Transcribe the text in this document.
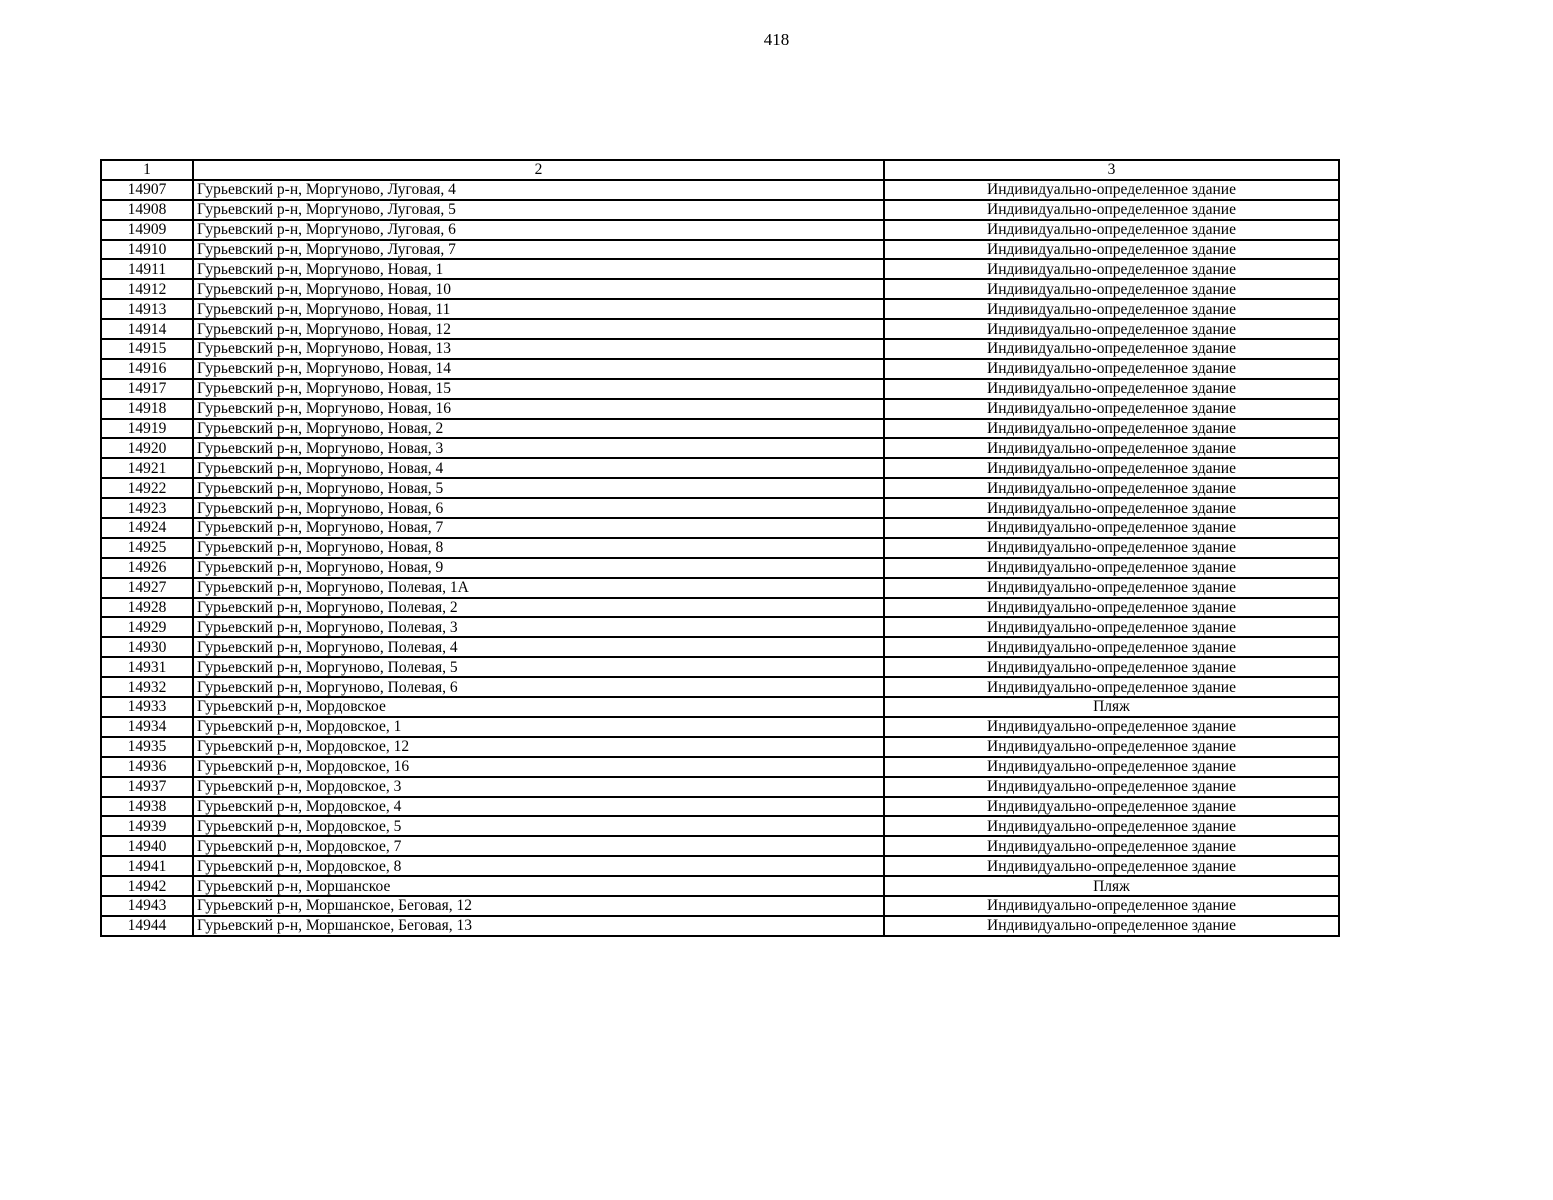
418
1	2	3
14907	Гурьевский р-н, Моргуново, Луговая, 4	Индивидуально-определенное здание
14908	Гурьевский р-н, Моргуново, Луговая, 5	Индивидуально-определенное здание
14909	Гурьевский р-н, Моргуново, Луговая, 6	Индивидуально-определенное здание
14910	Гурьевский р-н, Моргуново, Луговая, 7	Индивидуально-определенное здание
14911	Гурьевский р-н, Моргуново, Новая, 1	Индивидуально-определенное здание
14912	Гурьевский р-н, Моргуново, Новая, 10	Индивидуально-определенное здание
14913	Гурьевский р-н, Моргуново, Новая, 11	Индивидуально-определенное здание
14914	Гурьевский р-н, Моргуново, Новая, 12	Индивидуально-определенное здание
14915	Гурьевский р-н, Моргуново, Новая, 13	Индивидуально-определенное здание
14916	Гурьевский р-н, Моргуново, Новая, 14	Индивидуально-определенное здание
14917	Гурьевский р-н, Моргуново, Новая, 15	Индивидуально-определенное здание
14918	Гурьевский р-н, Моргуново, Новая, 16	Индивидуально-определенное здание
14919	Гурьевский р-н, Моргуново, Новая, 2	Индивидуально-определенное здание
14920	Гурьевский р-н, Моргуново, Новая, 3	Индивидуально-определенное здание
14921	Гурьевский р-н, Моргуново, Новая, 4	Индивидуально-определенное здание
14922	Гурьевский р-н, Моргуново, Новая, 5	Индивидуально-определенное здание
14923	Гурьевский р-н, Моргуново, Новая, 6	Индивидуально-определенное здание
14924	Гурьевский р-н, Моргуново, Новая, 7	Индивидуально-определенное здание
14925	Гурьевский р-н, Моргуново, Новая, 8	Индивидуально-определенное здание
14926	Гурьевский р-н, Моргуново, Новая, 9	Индивидуально-определенное здание
14927	Гурьевский р-н, Моргуново, Полевая, 1А	Индивидуально-определенное здание
14928	Гурьевский р-н, Моргуново, Полевая, 2	Индивидуально-определенное здание
14929	Гурьевский р-н, Моргуново, Полевая, 3	Индивидуально-определенное здание
14930	Гурьевский р-н, Моргуново, Полевая, 4	Индивидуально-определенное здание
14931	Гурьевский р-н, Моргуново, Полевая, 5	Индивидуально-определенное здание
14932	Гурьевский р-н, Моргуново, Полевая, 6	Индивидуально-определенное здание
14933	Гурьевский р-н, Мордовское	Пляж
14934	Гурьевский р-н, Мордовское, 1	Индивидуально-определенное здание
14935	Гурьевский р-н, Мордовское, 12	Индивидуально-определенное здание
14936	Гурьевский р-н, Мордовское, 16	Индивидуально-определенное здание
14937	Гурьевский р-н, Мордовское, 3	Индивидуально-определенное здание
14938	Гурьевский р-н, Мордовское, 4	Индивидуально-определенное здание
14939	Гурьевский р-н, Мордовское, 5	Индивидуально-определенное здание
14940	Гурьевский р-н, Мордовское, 7	Индивидуально-определенное здание
14941	Гурьевский р-н, Мордовское, 8	Индивидуально-определенное здание
14942	Гурьевский р-н, Моршанское	Пляж
14943	Гурьевский р-н, Моршанское, Беговая, 12	Индивидуально-определенное здание
14944	Гурьевский р-н, Моршанское, Беговая, 13	Индивидуально-определенное здание
